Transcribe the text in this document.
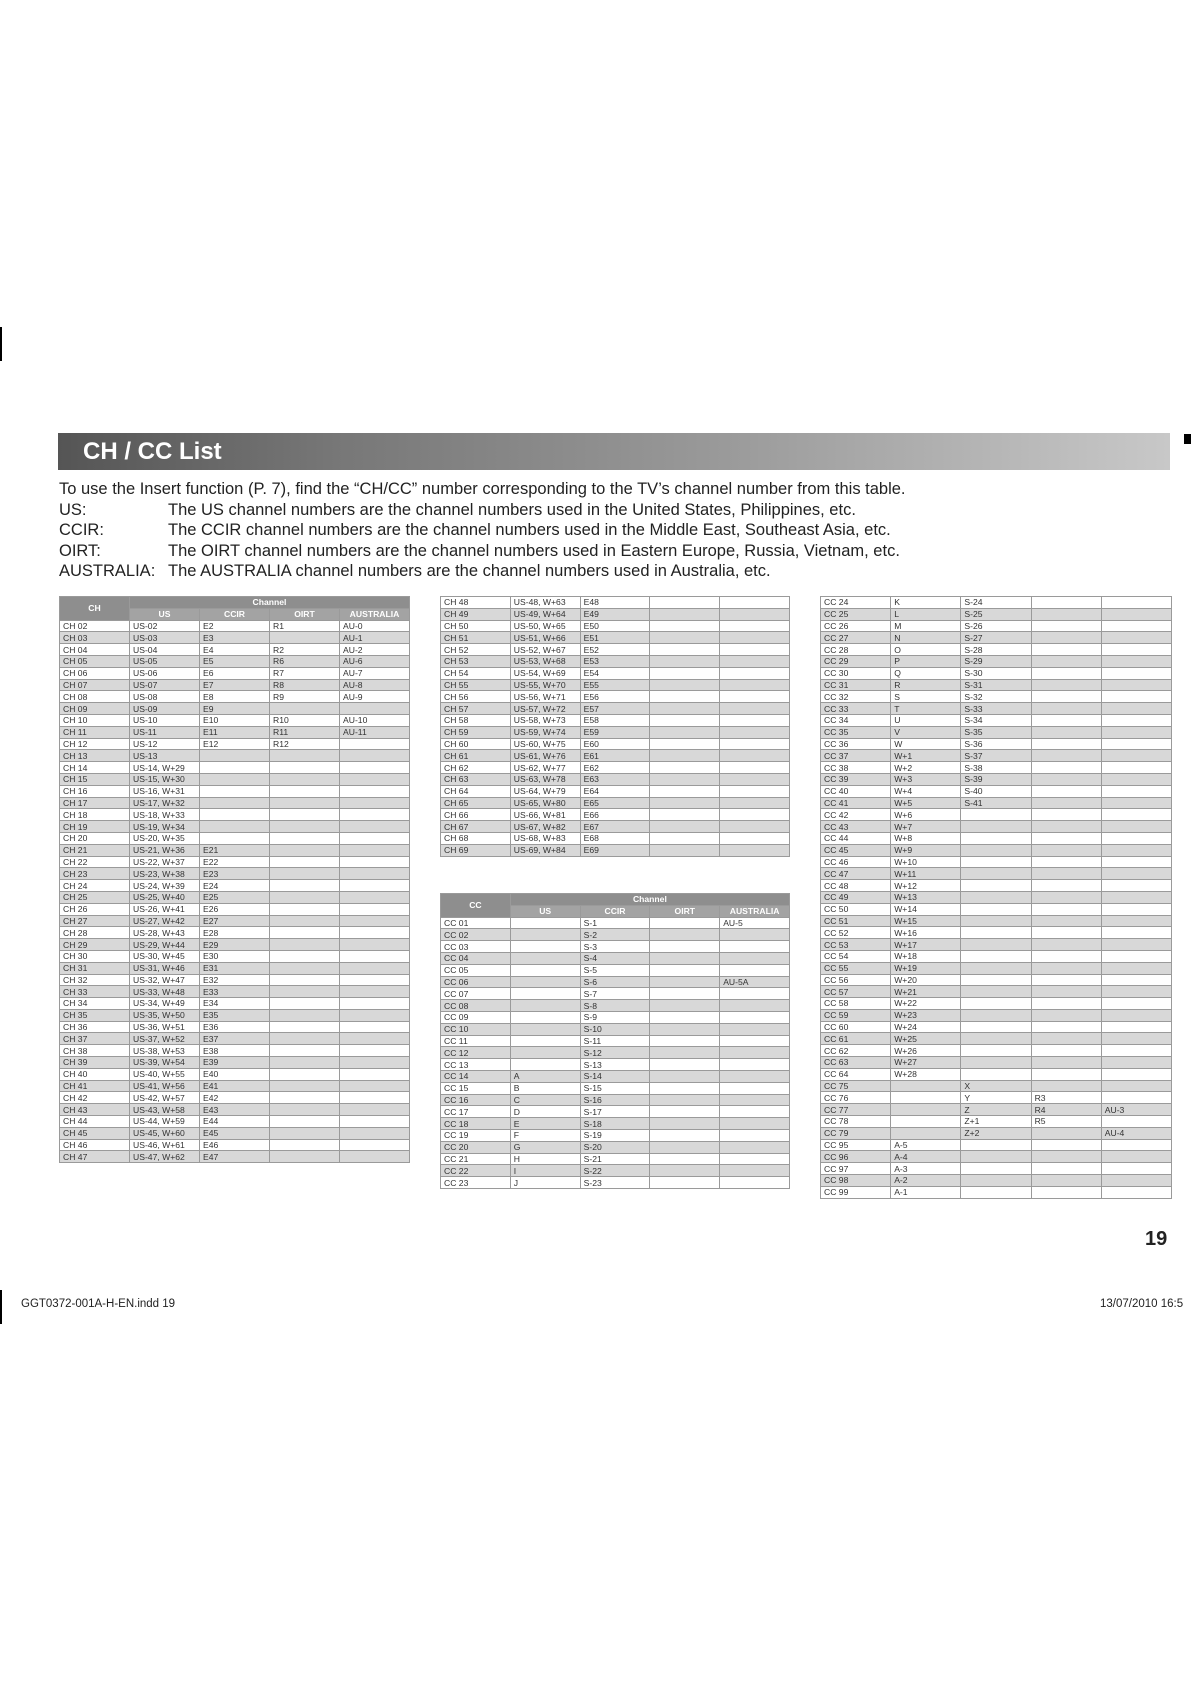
CH / CC List
To use the Insert function (P. 7), find the “CH/CC” number corresponding to the TV’s channel number from this table.
US:	The US channel numbers are the channel numbers used in the United States, Philippines, etc.
CCIR:	The CCIR channel numbers are the channel numbers used in the Middle East, Southeast Asia, etc.
OIRT:	The OIRT channel numbers are the channel numbers used in Eastern Europe, Russia, Vietnam, etc.
AUSTRALIA: The AUSTRALIA channel numbers are the channel numbers used in Australia, etc.
CH	Channel			
	US	CCIR	OIRT	AUSTRALIA
CH 02	US-02	E2	R1	AU-0
CH 03	US-03	E3		AU-1
CH 04	US-04	E4	R2	AU-2
CH 05	US-05	E5	R6	AU-6
CH 06	US-06	E6	R7	AU-7
CH 07	US-07	E7	R8	AU-8
CH 08	US-08	E8	R9	AU-9
CH 09	US-09	E9		
CH 10	US-10	E10	R10	AU-10
CH 11	US-11	E11	R11	AU-11
CH 12	US-12	E12	R12	
CH 13	US-13			
CH 14	US-14, W+29			
CH 15	US-15, W+30			
CH 16	US-16, W+31			
CH 17	US-17, W+32			
CH 18	US-18, W+33			
CH 19	US-19, W+34			
CH 20	US-20, W+35			
CH 21	US-21, W+36	E21		
CH 22	US-22, W+37	E22		
CH 23	US-23, W+38	E23		
CH 24	US-24, W+39	E24		
CH 25	US-25, W+40	E25		
CH 26	US-26, W+41	E26		
CH 27	US-27, W+42	E27		
CH 28	US-28, W+43	E28		
CH 29	US-29, W+44	E29		
CH 30	US-30, W+45	E30		
CH 31	US-31, W+46	E31		
CH 32	US-32, W+47	E32		
CH 33	US-33, W+48	E33		
CH 34	US-34, W+49	E34		
CH 35	US-35, W+50	E35		
CH 36	US-36, W+51	E36		
CH 37	US-37, W+52	E37		
CH 38	US-38, W+53	E38		
CH 39	US-39, W+54	E39		
CH 40	US-40, W+55	E40		
CH 41	US-41, W+56	E41		
CH 42	US-42, W+57	E42		
CH 43	US-43, W+58	E43		
CH 44	US-44, W+59	E44		
CH 45	US-45, W+60	E45		
CH 46	US-46, W+61	E46		
CH 47	US-47, W+62	E47		
CH 48	US-48, W+63	E48		
CH 49	US-49, W+64	E49		
CH 50	US-50, W+65	E50		
CH 51	US-51, W+66	E51		
CH 52	US-52, W+67	E52		
CH 53	US-53, W+68	E53		
CH 54	US-54, W+69	E54		
CH 55	US-55, W+70	E55		
CH 56	US-56, W+71	E56		
CH 57	US-57, W+72	E57		
CH 58	US-58, W+73	E58		
CH 59	US-59, W+74	E59		
CH 60	US-60, W+75	E60		
CH 61	US-61, W+76	E61		
CH 62	US-62, W+77	E62		
CH 63	US-63, W+78	E63		
CH 64	US-64, W+79	E64		
CH 65	US-65, W+80	E65		
CH 66	US-66, W+81	E66		
CH 67	US-67, W+82	E67		
CH 68	US-68, W+83	E68		
CH 69	US-69, W+84	E69		
CC	Channel			
	US	CCIR	OIRT	AUSTRALIA
CC 01		S-1		AU-5
CC 02		S-2		
CC 03		S-3		
CC 04		S-4		
CC 05		S-5		
CC 06		S-6		AU-5A
CC 07		S-7		
CC 08		S-8		
CC 09		S-9		
CC 10		S-10		
CC 11		S-11		
CC 12		S-12		
CC 13		S-13		
CC 14	A	S-14		
CC 15	B	S-15		
CC 16	C	S-16		
CC 17	D	S-17		
CC 18	E	S-18		
CC 19	F	S-19		
CC 20	G	S-20		
CC 21	H	S-21		
CC 22	I	S-22		
CC 23	J	S-23		
CC 24	K	S-24		
CC 25	L	S-25		
CC 26	M	S-26		
CC 27	N	S-27		
CC 28	O	S-28		
CC 29	P	S-29		
CC 30	Q	S-30		
CC 31	R	S-31		
CC 32	S	S-32		
CC 33	T	S-33		
CC 34	U	S-34		
CC 35	V	S-35		
CC 36	W	S-36		
CC 37	W+1	S-37		
CC 38	W+2	S-38		
CC 39	W+3	S-39		
CC 40	W+4	S-40		
CC 41	W+5	S-41		
CC 42	W+6			
CC 43	W+7			
CC 44	W+8			
CC 45	W+9			
CC 46	W+10			
CC 47	W+11			
CC 48	W+12			
CC 49	W+13			
CC 50	W+14			
CC 51	W+15			
CC 52	W+16			
CC 53	W+17			
CC 54	W+18			
CC 55	W+19			
CC 56	W+20			
CC 57	W+21			
CC 58	W+22			
CC 59	W+23			
CC 60	W+24			
CC 61	W+25			
CC 62	W+26			
CC 63	W+27			
CC 64	W+28			
CC 75		X		
CC 76		Y	R3	
CC 77		Z	R4	AU-3
CC 78		Z+1	R5	
CC 79		Z+2		AU-4
CC 95	A-5			
CC 96	A-4			
CC 97	A-3			
CC 98	A-2			
CC 99	A-1			
19
GGT0372-001A-H-EN.indd 19	13/07/2010 16:5
